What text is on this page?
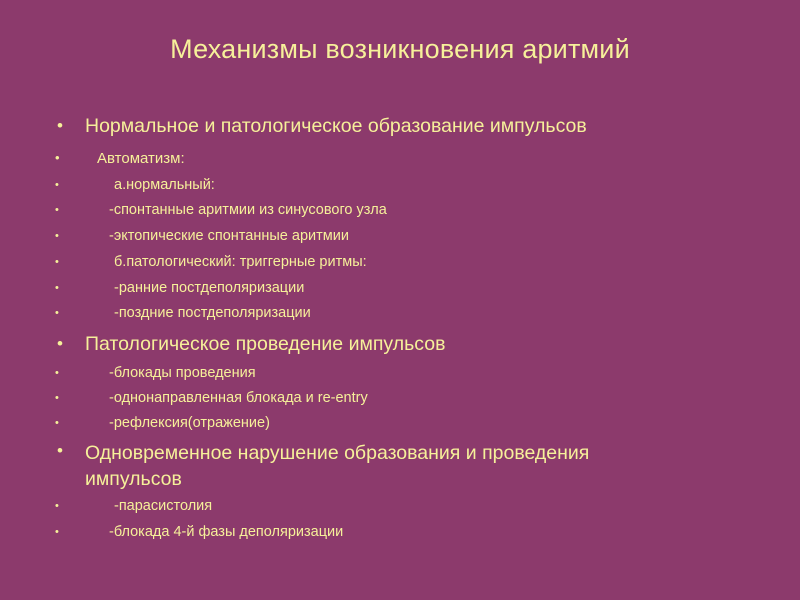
Механизмы возникновения аритмий
• Нормальное и патологическое образование импульсов
• Автоматизм:
•	а.нормальный:
•	-спонтанные аритмии из синусового узла
•	-эктопические спонтанные аритмии
•	б.патологический: триггерные ритмы:
•	-ранние постдеполяризации
•	-поздние постдеполяризации
• Патологическое проведение импульсов
•	-блокады проведения
•	-однонаправленная блокада и re-entry
•	-рефлексия(отражение)
• Одновременное нарушение образования и проведения импульсов
•	-парасистолия
•	-блокада 4-й фазы деполяризации
